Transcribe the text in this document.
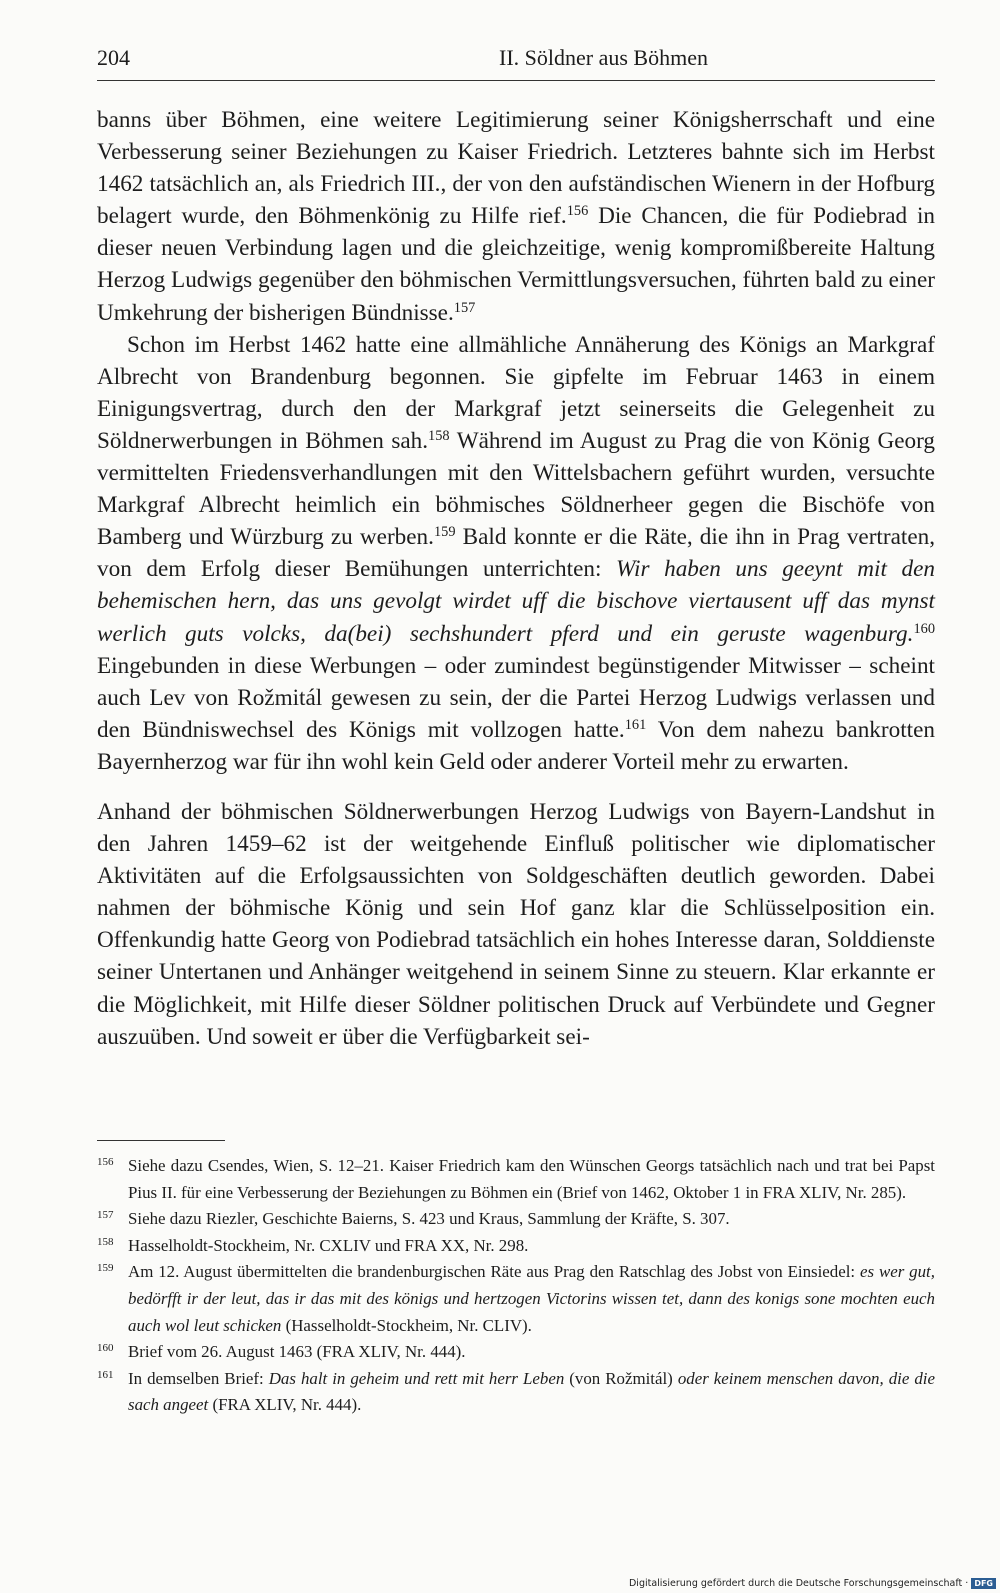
204	II. Söldner aus Böhmen

banns über Böhmen, eine weitere Legitimierung seiner Königsherrschaft und eine Verbesserung seiner Beziehungen zu Kaiser Friedrich. Letzteres bahnte sich im Herbst 1462 tatsächlich an, als Friedrich III., der von den aufständischen Wienern in der Hofburg belagert wurde, den Böhmenkönig zu Hilfe rief.$^{156}$ Die Chancen, die für Podiebrad in dieser neuen Verbindung lagen und die gleichzeitige, wenig kompromißbereite Haltung Herzog Ludwigs gegenüber den böhmischen Vermittlungsversuchen, führten bald zu einer Umkehrung der bisherigen Bündnisse.$^{157}$

Schon im Herbst 1462 hatte eine allmähliche Annäherung des Königs an Markgraf Albrecht von Brandenburg begonnen. Sie gipfelte im Februar 1463 in einem Einigungsvertrag, durch den der Markgraf jetzt seinerseits die Gelegenheit zu Söldnerwerbungen in Böhmen sah.$^{158}$ Während im August zu Prag die von König Georg vermittelten Friedensverhandlungen mit den Wittelsbachern geführt wurden, versuchte Markgraf Albrecht heimlich ein böhmisches Söldnerheer gegen die Bischöfe von Bamberg und Würzburg zu werben.$^{159}$ Bald konnte er die Räte, die ihn in Prag vertraten, von dem Erfolg dieser Bemühungen unterrichten: Wir haben uns geeynt mit den behemischen hern, das uns gevolgt wirdet uff die bischove viertausent uff das mynst werlich guts volcks, da(bei) sechshundert pferd und ein geruste wagenburg.$^{160}$ Eingebunden in diese Werbungen – oder zumindest begünstigender Mitwisser – scheint auch Lev von Rožmitál gewesen zu sein, der die Partei Herzog Ludwigs verlassen und den Bündniswechsel des Königs mit vollzogen hatte.$^{161}$ Von dem nahezu bankrotten Bayernherzog war für ihn wohl kein Geld oder anderer Vorteil mehr zu erwarten.

Anhand der böhmischen Söldnerwerbungen Herzog Ludwigs von Bayern-Landshut in den Jahren 1459–62 ist der weitgehende Einfluß politischer wie diplomatischer Aktivitäten auf die Erfolgsaussichten von Soldgeschäften deutlich geworden. Dabei nahmen der böhmische König und sein Hof ganz klar die Schlüsselposition ein. Offenkundig hatte Georg von Podiebrad tatsächlich ein hohes Interesse daran, Solddienste seiner Untertanen und Anhänger weitgehend in seinem Sinne zu steuern. Klar erkannte er die Möglichkeit, mit Hilfe dieser Söldner politischen Druck auf Verbündete und Gegner auszuüben. Und soweit er über die Verfügbarkeit sei-

156 Siehe dazu Csendes, Wien, S. 12–21. Kaiser Friedrich kam den Wünschen Georgs tatsächlich nach und trat bei Papst Pius II. für eine Verbesserung der Beziehungen zu Böhmen ein (Brief von 1462, Oktober 1 in FRA XLIV, Nr. 285).

157 Siehe dazu Riezler, Geschichte Baierns, S. 423 und Kraus, Sammlung der Kräfte, S. 307.

158 Hasselholdt-Stockheim, Nr. CXLIV und FRA XX, Nr. 298.

159 Am 12. August übermittelten die brandenburgischen Räte aus Prag den Ratschlag des Jobst von Einsiedel: es wer gut, bedörfft ir der leut, das ir das mit des königs und hertzogen Victorins wissen tet, dann des konigs sone mochten euch auch wol leut schicken (Hasselholdt-Stockheim, Nr. CLIV).

160 Brief vom 26. August 1463 (FRA XLIV, Nr. 444).

161 In demselben Brief: Das halt in geheim und rett mit herr Leben (von Rožmitál) oder keinem menschen davon, die die sach angeet (FRA XLIV, Nr. 444).

Digitalisierung gefördert durch die Deutsche Forschungsgemeinschaft · DFG
